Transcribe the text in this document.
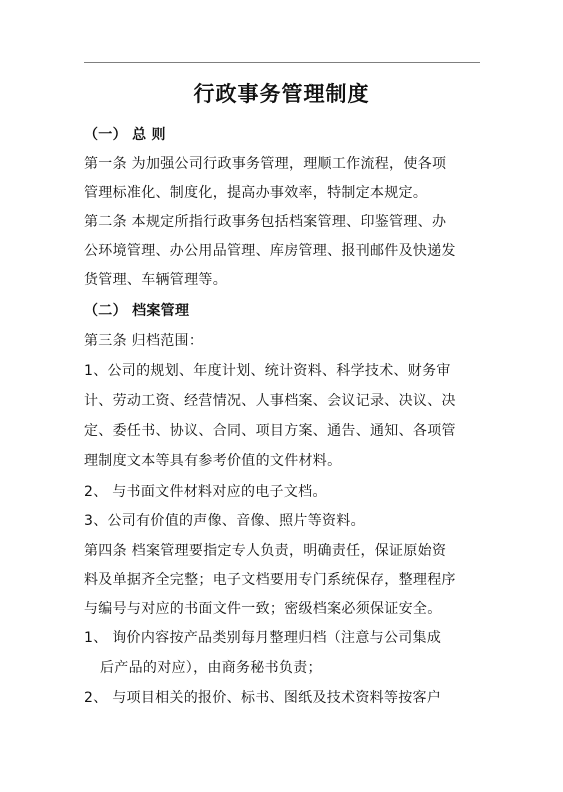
行政事务管理制度
（一） 总 则
第一条 为加强公司行政事务管理，理顺工作流程，使各项
管理标准化、制度化，提高办事效率，特制定本规定。
第二条 本规定所指行政事务包括档案管理、印鉴管理、办
公环境管理、办公用品管理、库房管理、报刊邮件及快递发
货管理、车辆管理等。
（二） 档案管理
第三条 归档范围：
1、公司的规划、年度计划、统计资料、科学技术、财务审
计、劳动工资、经营情况、人事档案、会议记录、决议、决
定、委任书、协议、合同、项目方案、通告、通知、各项管
理制度文本等具有参考价值的文件材料。
2、 与书面文件材料对应的电子文档。
3、公司有价值的声像、音像、照片等资料。
第四条 档案管理要指定专人负责，明确责任，保证原始资
料及单据齐全完整；电子文档要用专门系统保存，整理程序
与编号与对应的书面文件一致；密级档案必须保证安全。
1、 询价内容按产品类别每月整理归档（注意与公司集成
后产品的对应），由商务秘书负责；
2、 与项目相关的报价、标书、图纸及技术资料等按客户
